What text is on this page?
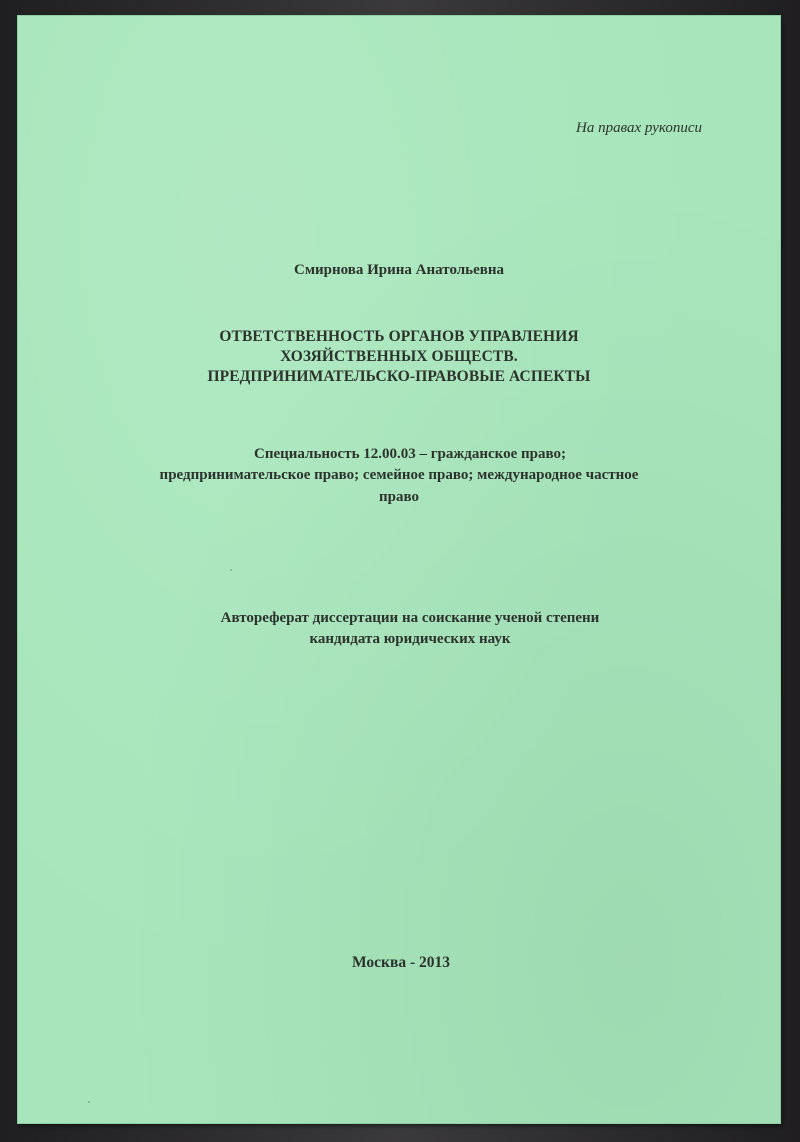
На правах рукописи

Смирнова Ирина Анатольевна

ОТВЕТСТВЕННОСТЬ ОРГАНОВ УПРАВЛЕНИЯ
ХОЗЯЙСТВЕННЫХ ОБЩЕСТВ.
ПРЕДПРИНИМАТЕЛЬСКО-ПРАВОВЫЕ АСПЕКТЫ

Специальность 12.00.03 – гражданское право;

предпринимательское право; семейное право; международное частное

право

Автореферат диссертации на соискание ученой степени
кандидата юридических наук

Москва - 2013
